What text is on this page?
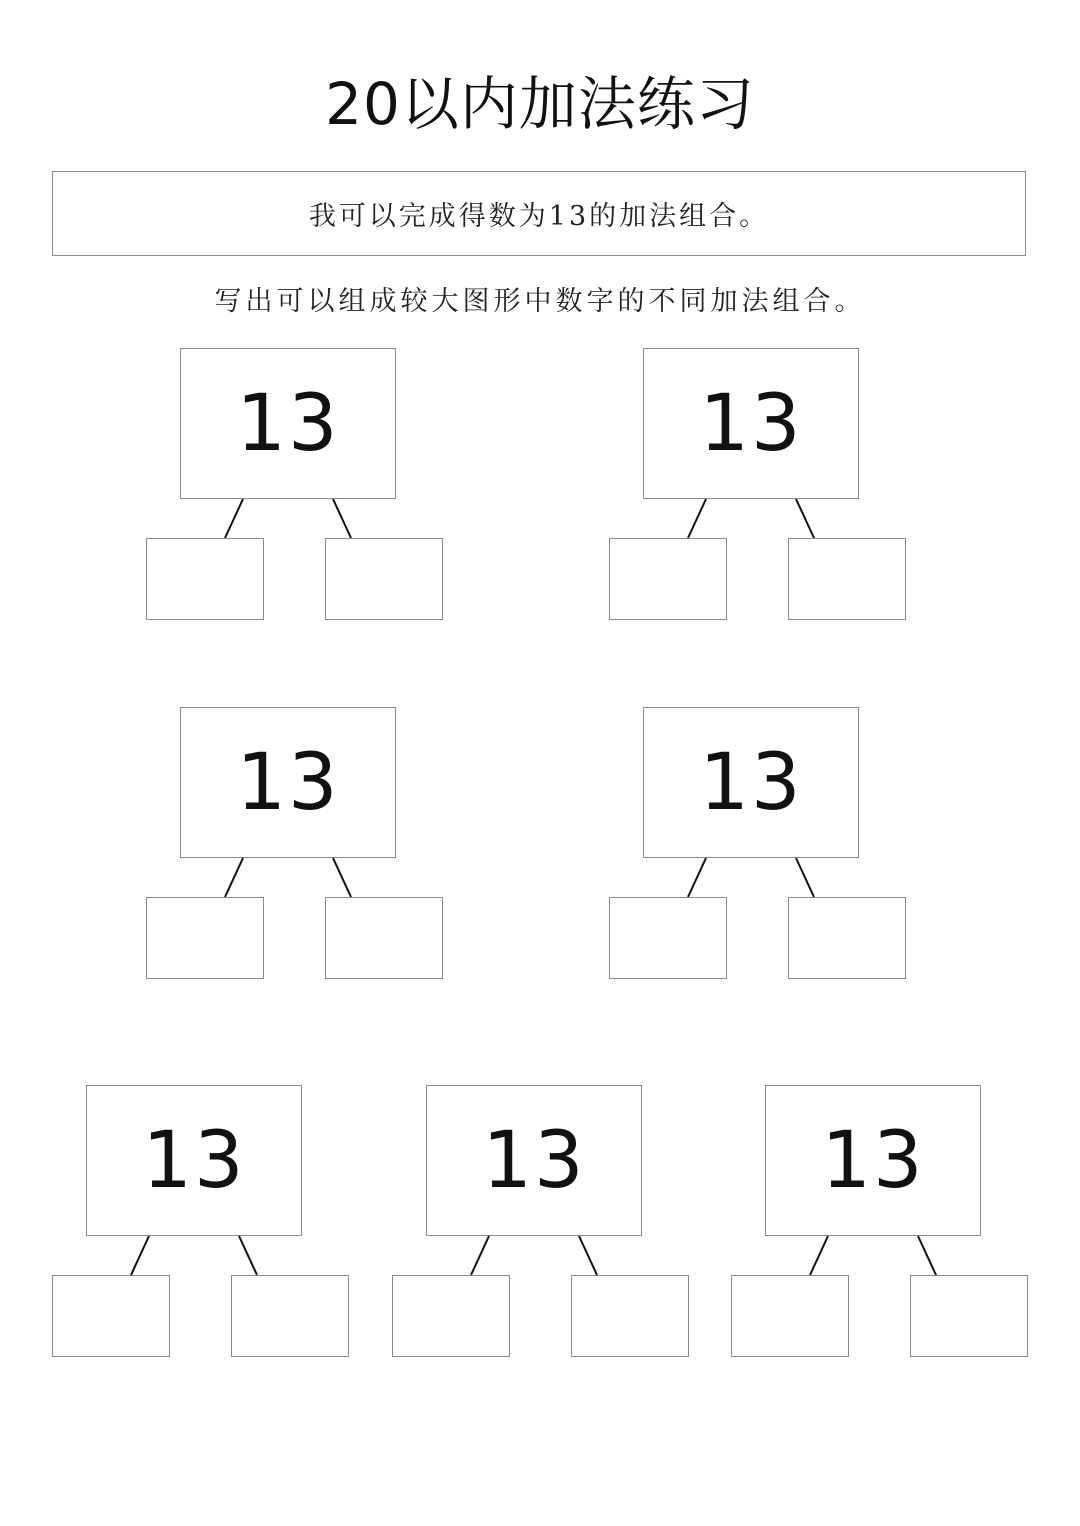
20以内加法练习
我可以完成得数为13的加法组合。
写出可以组成较大图形中数字的不同加法组合。
13	13
13	13
13	13	13
